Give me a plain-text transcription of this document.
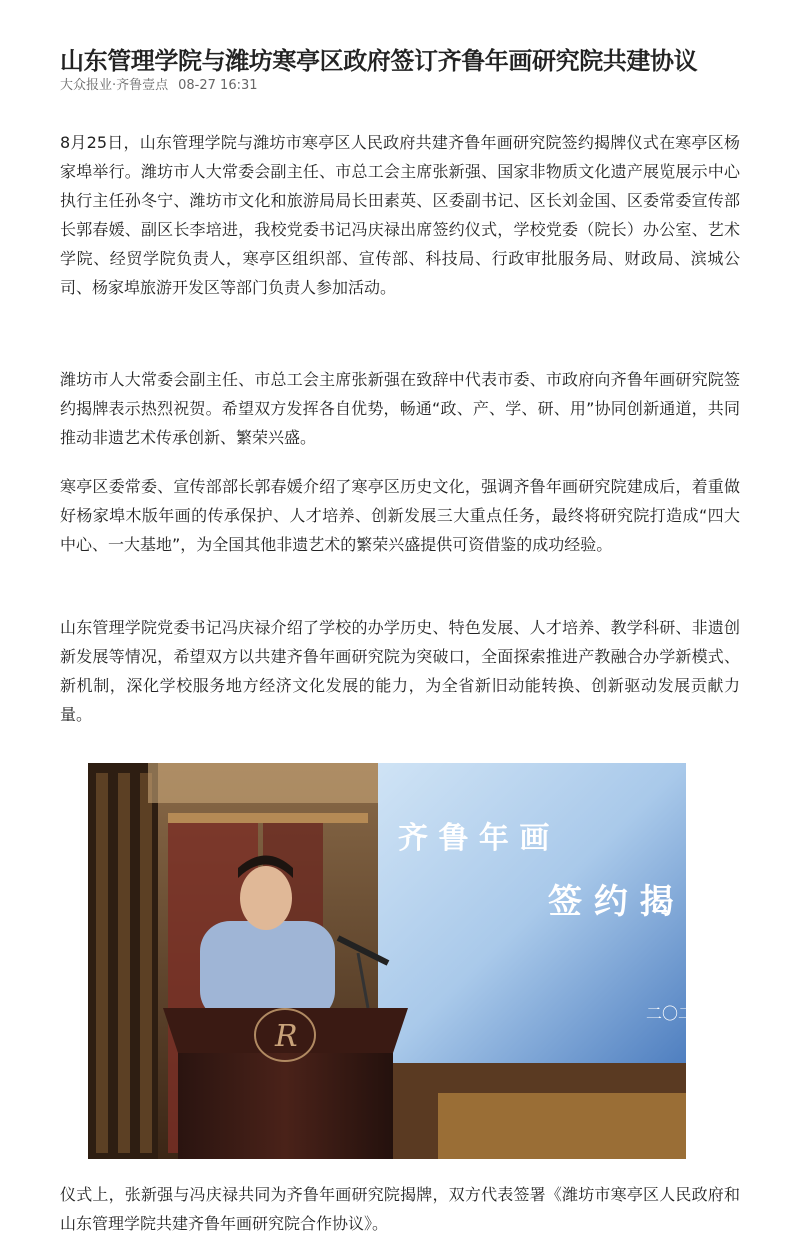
山东管理学院与潍坊寒亭区政府签订齐鲁年画研究院共建协议
大众报业·齐鲁壹点 08-27 16:31

8月25日，山东管理学院与潍坊市寒亭区人民政府共建齐鲁年画研究院签约揭牌仪式在寒亭区杨家埠举行。潍坊市人大常委会副主任、市总工会主席张新强、国家非物质文化遗产展览展示中心执行主任孙冬宁、潍坊市文化和旅游局局长田素英、区委副书记、区长刘金国、区委常委宣传部长郭春媛、副区长李培进，我校党委书记冯庆禄出席签约仪式，学校党委（院长）办公室、艺术学院、经贸学院负责人，寒亭区组织部、宣传部、科技局、行政审批服务局、财政局、滨城公司、杨家埠旅游开发区等部门负责人参加活动。

潍坊市人大常委会副主任、市总工会主席张新强在致辞中代表市委、市政府向齐鲁年画研究院签约揭牌表示热烈祝贺。希望双方发挥各自优势，畅通“政、产、学、研、用”协同创新通道，共同推动非遗艺术传承创新、繁荣兴盛。

寒亭区委常委、宣传部部长郭春媛介绍了寒亭区历史文化，强调齐鲁年画研究院建成后，着重做好杨家埠木版年画的传承保护、人才培养、创新发展三大重点任务，最终将研究院打造成“四大中心、一大基地”，为全国其他非遗艺术的繁荣兴盛提供可资借鉴的成功经验。

山东管理学院党委书记冯庆禄介绍了学校的办学历史、特色发展、人才培养、教学科研、非遗创新发展等情况，希望双方以共建齐鲁年画研究院为突破口，全面探索推进产教融合办学新模式、新机制，深化学校服务地方经济文化发展的能力，为全省新旧动能转换、创新驱动发展贡献力量。

齐 鲁 年 画
签 约 揭
二〇二
R

仪式上，张新强与冯庆禄共同为齐鲁年画研究院揭牌，双方代表签署《潍坊市寒亭区人民政府和山东管理学院共建齐鲁年画研究院合作协议》。
